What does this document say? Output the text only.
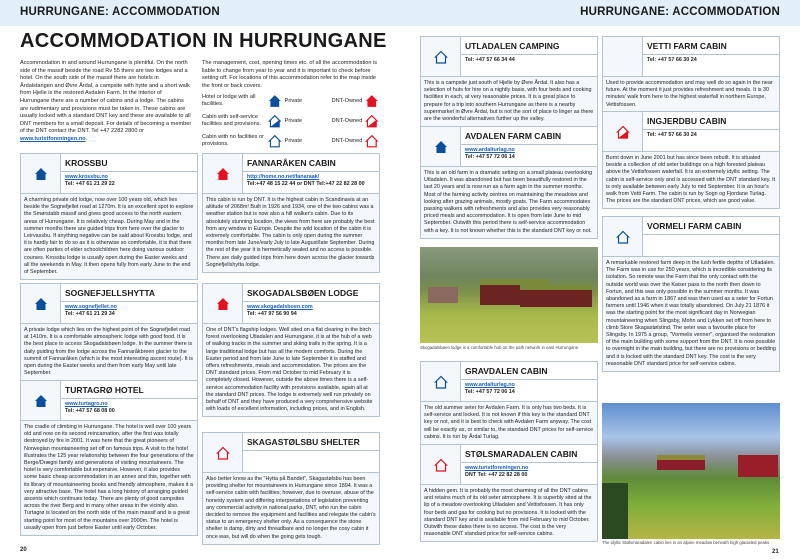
HURRUNGANE: ACCOMMODATION	HURRUNGANE: ACCOMMODATION
ACCOMMODATION IN HURRUNGANE
Accommodation in and around Hurrungane is plentiful. On the north side of the massif beside the road Rv 55 there are two lodges and a hotel. On the south side of the massif there are hotels in Årdalstangen and Øvre Årdal, a campsite with hytte and a short walk from Hjelle is the restored Avdalen Farm. In the interior of Hurrungane there are a number of cabins and a lodge. The cabins are rudimentary and provisions must be taken in. These cabins are usually locked with a standard DNT key and these are available to all DNT members for a small deposit. For details of becoming a member of the DNT contact the DNT. Tel +47 2282 2800 or www.turistforeningen.no.
The management, cost, opening times etc. of all the accommodation is liable to change from year to year and it is important to check before setting off. For locations of this accommodation refer to the map inside the front or back covers.
Hotel or lodge with all facilities.
Private	DNT-Owned
Cabin with self-service facilities and provisions.
Private	DNT-Owned
Cabin with no facilities or provisions.
Private	DNT-Owned
KROSSBU
www.krossbu.no
Tel: +47 61 21 29 22
A charming private old lodge, now over 100 years old, which lies beside the Sognefjellet road at 1270m. It is an excellent spot to explore the Smørstabb massif and gives good access to the north eastern areas of Hurrungane. It is relatively cheap. During May and in the summer months there are guided trips from here over the glacier to Leirvassbu. If anything negative can be said about Krossbu lodge, and it is hardly fair to do so as it is otherwise so comfortable, it is that there are often parties of elder schoolchildren here doing various outdoor courses. Krossbu lodge is usually open during the Easter weeks and all the weekends in May. It then opens fully from early June to the end of September.
SOGNEFJELLSHYTTA
www.sognefjellet.no
Tel: +47 61 21 29 34
A private lodge which lies on the highest point of the Sognefjellet road at 1410m. It is a comfortable atmospheric lodge with good food. It is the best place to access Skogadalsbøen lodge. In the summer there is daily guiding from the lodge across the Fannaråkbreen glacier to the summit of Fannaråken (which is the most interesting ascent route). It is open during the Easter weeks and then from early May until late September.
TURTAGRØ HOTEL
www.turtagro.no
Tel: +47 57 68 08 00
The cradle of climbing in Hurrungane. The hotel is well over 100 years old and now on its second reincarnation, after the first was totally destroyed by fire in 2001. It was here that the great pioneers of Norwegian mountaineering set off on famous trips. A visit to the hotel illustrates the 125 year relationship between the four generations of the Berge/Drægni family and generations of visiting mountaineers. The hotel is very comfortable but expensive. However, it also provides some basic cheap accommodation in an annex and this, together with its library of mountaineering books and friendly atmosphere, makes it a very attractive base. The hotel has a long history of arranging guided ascents which continues today. There are plenty of good campsites across the river Berg and in many other areas in the vicinity also. Turtagrø is located on the north side of the main massif and is a great starting point for most of the mountains over 2000m. The hotel is usually open from just before Easter until early October.
FANNARÅKEN CABIN
http://home.no.net/fanaraak/
Tel:+47 48 15 22 44 or DNT Tel:+47 22 82 28 00
This cabin is run by DNT. It is the highest cabin in Scandinavia at an altitude of 2068m! Built in 1926 and 1934, one of the two cabins was a weather station but is now also a hill walker's cabin. Due to its absolutely stunning location, the views from here are probably the best from any window in Europe. Despite the wild location of the cabin it is extremely comfortable. The cabin is only open during the summer months from late June/early July to late August/late September. During the rest of the year it is hermetically sealed and no access is possible. There are daily guided trips from here down across the glacier towards Sognefjellshytta lodge.
SKOGADALSBØEN LODGE
www.skogadalsboen.com
Tel: +47 97 56 90 94
One of DNT's flagship lodges. Well sited on a flat clearing in the birch forest overlooking Utladalen and Hurrungane, it is at the hub of a web of walking tracks in the summer and skiing trails in the spring. It is a large traditional lodge but has all the modern comforts. During the Easter period and from late June to late September it is staffed and offers refreshments, meals and accommodation. The prices are the DNT standard prices. From mid October to mid February it is completely closed. However, outside the above times there is a self-service accommodation facility with provisions available, again all at the standard DNT prices. The lodge is extremely well run privately on behalf of DNT and they have produced a very comprehensive website with loads of excellent information, including prices, and in English.
SKAGASTØLSBU SHELTER
Also better know as the "Hytta på Bandet", Skagastølsbu has been providing shelter for mountaineers in Hurrungane since 1894. It was a self-service cabin with facilities; however, due to overuse, abuse of the honesty system and differing interpretations of legislation preventing any commercial activity in national parks, DNT, who run the cabin decided to remove the equipment and facilities and relegate the cabin's status to an emergency shelter only. As a consequence the stone shelter is damp, dirty and threadbare and no longer the cosy cabin it once was, but will do when the going gets tough.
20
UTLADALEN CAMPING
Tel: +47 57 66 34 44
This is a campsite just south of Hjelle by Øvre Årdal. It also has a selection of huts for hire on a nightly basis, with four beds and cooking facilities in each, at very reasonable prices. It is a great place to prepare for a trip into southern Hurrungane as there is a nearby supermarket in Øvre Årdal, but is not the sort of place to linger as there are the wonderful alternatives further up the valley.
AVDALEN FARM CABIN
www.ardalturlag.no
Tel: +47 57 72 06 14
This is an old farm in a dramatic setting on a small plateau overlooking Utladalen. It was abandoned but has been beautifully restored in the last 20 years and is now run as a farm agin in the summer months. Most of the farming activity centres on maintaining the meadows and looking after grazing animals, mostly goats. The Farm accommodates passing walkers with refreshments and also provides very reasonably priced meals and accommodation. It is open from late June to mid September. Outwith this period there is self-service accommodation with a key. It is not known whether this is the standard DNT key or not.
Skogadalsbøen lodge is a comfortable hub on the path network in east Hurrungane.
GRAVDALEN CABIN
www.ardalturlag.no
Tel: +47 57 72 06 14
The old summer seter for Avdalen Farm. It is only has two beds. It is self-service and locked. It is not known if this key is the standard DNT key or not, and it is best to check with Avdalen Farm anyway. The cost will be exactly as, or similar to, the standard DNT prices for self-service cabins. It is run by Årdal Turlag.
STØLSMARADALEN CABIN
www.turistforeningen.no
DNT Tel: +47 22 82 28 00
A hidden gem. It is probably the most charming of all the DNT cabins and retains much of its old seter atmosphere. It is superbly sited at the lip of a meadow overlooking Utladalen and Vettisfossen. It has only four beds and gas for cooking but no provisions. It is locked with the standard DNT key and is available from mid February to mid October. Outwith these dates there is no access. The cost is the very reasonable DNT standard price for self-service cabins.
VETTI FARM CABIN
Tel: +47 57 66 30 24
Used to provide accommodation and may well do so again in the near future. At the moment it just provides refreshment and meals. It is 30 minutes' walk from here to the highest waterfall in northern Europe, Vettisfossen.
INGJERDBU CABIN
Tel: +47 57 66 30 24
Burnt down in June 2001 but has since been rebuilt. It is situated beside a collection of old seter buildings on a high forested plateau above the Vettisfossen waterfall. It is an extremely idyllic setting. The cabin is self-service only and is accessed with the DNT standard key. It is only available between early July to mid September. It is an hour's walk from Vetti Farm. The cabin is run by Sogn og Fjordane Turlag. The prices are the standard DNT prices, which are good value.
VORMELI FARM CABIN
A remarkable restored farm deep in the lush fertile depths of Utladalen. The Farm was in use for 250 years, which is incredible considering its isolation. So remote was the Farm that the only contact with the outside world was over the Kaiser pass to the north then down to Fortun, and this was only possible in the summer months. It was abandoned as a farm in 1867 and was then used as a seter for Fortun farmers until 1946 when it was totally abandoned. On July 21 1876 it was the starting point for the most significant day in Norwegian mountaineering when Slingsby, Mohn and Lykken set off from here to climb Store Skagastølstind. The seter was a favourite place for Slingsby. In 1975 a group, "Vormelis venner", organised the restoration of the main building with some support from the DNT. It is now possible to overnight in the main building, but there are no provisions or bedding and it is locked with the standard DNT key. The cost is the very reasonable DNT standard price for self-service cabins.
The idyllic Stølsmaradalen cabin lies in an alpine meadow beneath high glaciated peaks.
21
